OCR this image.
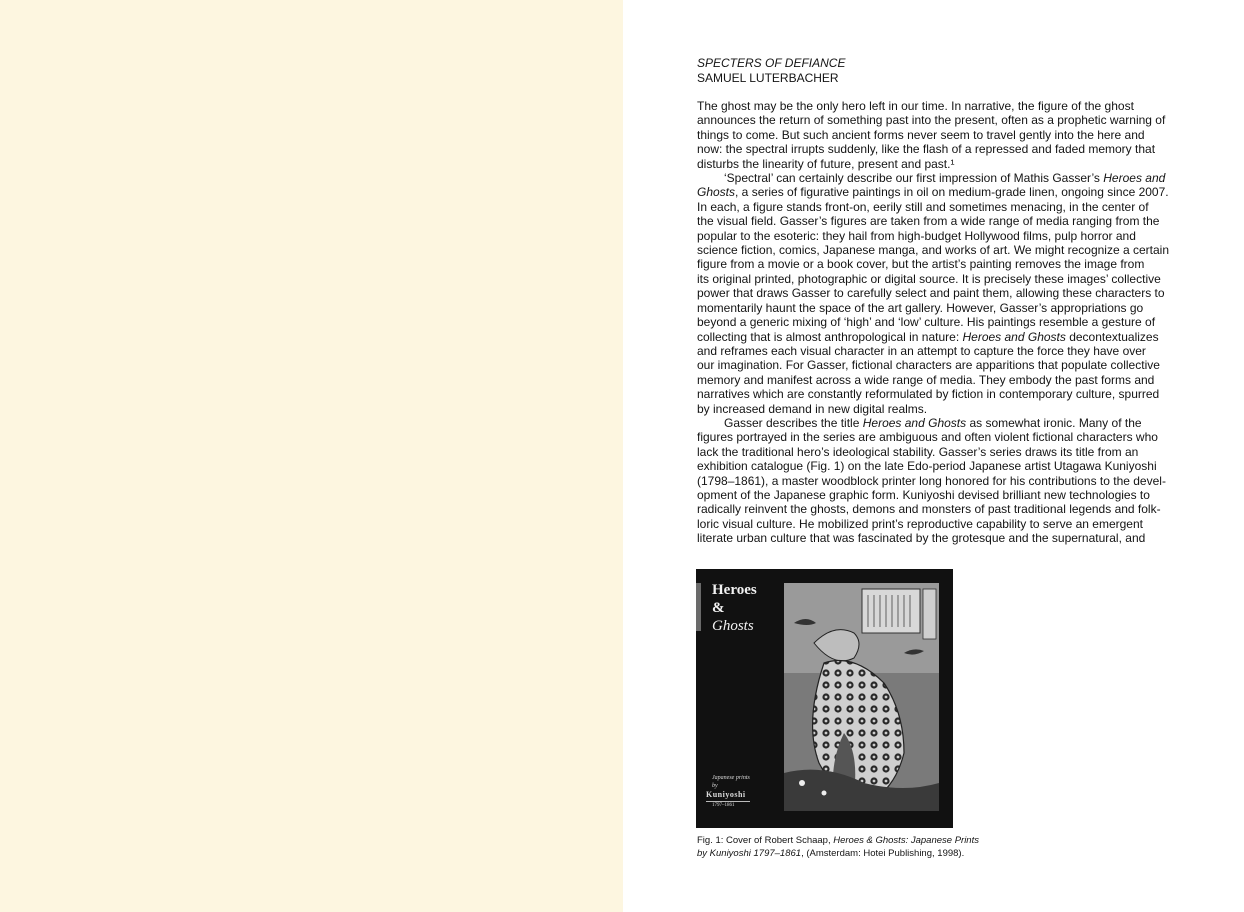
SPECTERS OF DEFIANCE
SAMUEL LUTERBACHER
The ghost may be the only hero left in our time. In narrative, the figure of the ghost
announces the return of something past into the present, often as a prophetic warning of
things to come. But such ancient forms never seem to travel gently into the here and
now: the spectral irrupts suddenly, like the flash of a repressed and faded memory that
disturbs the linearity of future, present and past.¹
‘Spectral’ can certainly describe our first impression of Mathis Gasser’s Heroes and
Ghosts, a series of figurative paintings in oil on medium-grade linen, ongoing since 2007.
In each, a figure stands front-on, eerily still and sometimes menacing, in the center of
the visual field. Gasser’s figures are taken from a wide range of media ranging from the
popular to the esoteric: they hail from high-budget Hollywood films, pulp horror and
science fiction, comics, Japanese manga, and works of art. We might recognize a certain
figure from a movie or a book cover, but the artist’s painting removes the image from
its original printed, photographic or digital source. It is precisely these images’ collective
power that draws Gasser to carefully select and paint them, allowing these characters to
momentarily haunt the space of the art gallery. However, Gasser’s appropriations go
beyond a generic mixing of ‘high’ and ‘low’ culture. His paintings resemble a gesture of
collecting that is almost anthropological in nature: Heroes and Ghosts decontextualizes
and reframes each visual character in an attempt to capture the force they have over
our imagination. For Gasser, fictional characters are apparitions that populate collective
memory and manifest across a wide range of media. They embody the past forms and
narratives which are constantly reformulated by fiction in contemporary culture, spurred
by increased demand in new digital realms.
Gasser describes the title Heroes and Ghosts as somewhat ironic. Many of the
figures portrayed in the series are ambiguous and often violent fictional characters who
lack the traditional hero’s ideological stability. Gasser’s series draws its title from an
exhibition catalogue (Fig. 1) on the late Edo-period Japanese artist Utagawa Kuniyoshi
(1798–1861), a master woodblock printer long honored for his contributions to the devel-
opment of the Japanese graphic form. Kuniyoshi devised brilliant new technologies to
radically reinvent the ghosts, demons and monsters of past traditional legends and folk-
loric visual culture. He mobilized print’s reproductive capability to serve an emergent
literate urban culture that was fascinated by the grotesque and the supernatural, and
Heroes
&
Ghosts
Japanese prints
by
Kuniyoshi
1797–1861
Fig. 1: Cover of Robert Schaap, Heroes & Ghosts: Japanese Prints
by Kuniyoshi 1797–1861, (Amsterdam: Hotei Publishing, 1998).
